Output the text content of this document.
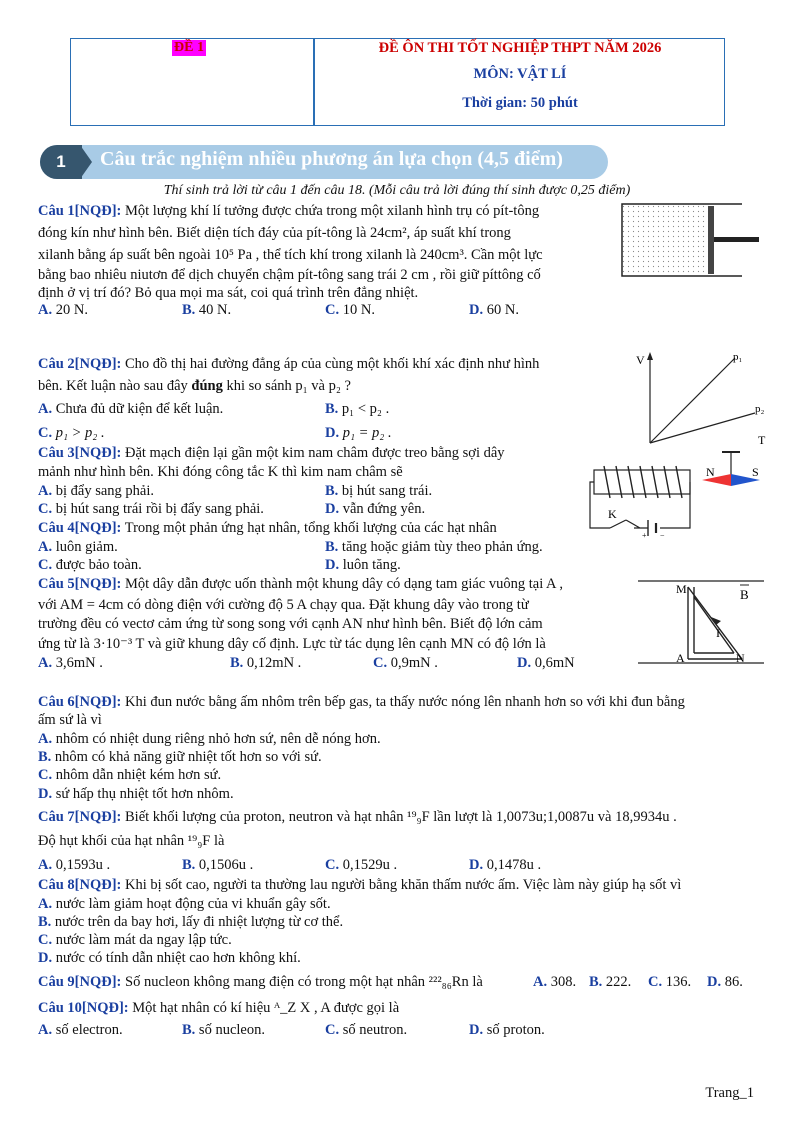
ĐỀ 1	ĐỀ ÔN THI TỐT NGHIỆP THPT NĂM 2026
MÔN: VẬT LÍ
Thời gian: 50 phút
1	Câu trắc nghiệm nhiều phương án lựa chọn (4,5 điểm)
Thí sinh trả lời từ câu 1 đến câu 18. (Mỗi câu trả lời đúng thí sinh được 0,25 điểm)
Câu 1[NQĐ]: Một lượng khí lí tưởng được chứa trong một xilanh hình trụ có pít-tông
đóng kín như hình bên. Biết diện tích đáy của pít-tông là 24cm², áp suất khí trong
xilanh bằng áp suất bên ngoài 10⁵ Pa , thể tích khí trong xilanh là 240cm³. Cần một lực
bằng bao nhiêu niutơn để dịch chuyển chậm pít-tông sang trái 2 cm , rồi giữ píttông cố
định ở vị trí đó? Bỏ qua mọi ma sát, coi quá trình trên đẳng nhiệt.
A. 20 N.	B. 40 N.	C. 10 N.	D. 60 N.
Câu 2[NQĐ]: Cho đồ thị hai đường đẳng áp của cùng một khối khí xác định như hình
bên. Kết luận nào sau đây đúng khi so sánh p₁ và p₂ ?
A. Chưa đủ dữ kiện để kết luận.	B. p₁ < p₂ .
C. p₁ > p₂ .	D. p₁ = p₂ .
V	p₁
p₂
T
Câu 3[NQĐ]: Đặt mạch điện lại gần một kim nam châm được treo bằng sợi dây
mảnh như hình bên. Khi đóng công tắc K thì kim nam châm sẽ
A. bị đẩy sang phải.	B. bị hút sang trái.
C. bị hút sang trái rồi bị đẩy sang phải.	D. vẫn đứng yên.	K
+ −
N	S
Câu 4[NQĐ]: Trong một phản ứng hạt nhân, tổng khối lượng của các hạt nhân
A. luôn giảm.	B. tăng hoặc giảm tùy theo phản ứng.
C. được bảo toàn.	D. luôn tăng.
Câu 5[NQĐ]: Một dây dẫn được uốn thành một khung dây có dạng tam giác vuông tại A ,
với AM = 4cm có dòng điện với cường độ 5 A chạy qua. Đặt khung dây vào trong từ
trường đều có vectơ cảm ứng từ song song với cạnh AN như hình bên. Biết độ lớn cảm
ứng từ là 3·10⁻³ T và giữ khung dây cố định. Lực từ tác dụng lên cạnh MN có độ lớn là
A. 3,6mN .	B. 0,12mN .	C. 0,9mN .	D. 0,6mN
M
A	N
I
B
Câu 6[NQĐ]: Khi đun nước bằng ấm nhôm trên bếp gas, ta thấy nước nóng lên nhanh hơn so với khi đun bằng
ấm sứ là vì
A. nhôm có nhiệt dung riêng nhỏ hơn sứ, nên dễ nóng hơn.
B. nhôm có khả năng giữ nhiệt tốt hơn so với sứ.
C. nhôm dẫn nhiệt kém hơn sứ.
D. sứ hấp thụ nhiệt tốt hơn nhôm.
Câu 7[NQĐ]: Biết khối lượng của proton, neutron và hạt nhân ¹⁹₉F lần lượt là 1,0073u;1,0087u và 18,9934u .
Độ hụt khối của hạt nhân ¹⁹₉F là
A. 0,1593u .	B. 0,1506u .	C. 0,1529u .	D. 0,1478u .
Câu 8[NQĐ]: Khi bị sốt cao, người ta thường lau người bằng khăn thấm nước ấm. Việc làm này giúp hạ sốt vì
A. nước làm giảm hoạt động của vi khuẩn gây sốt.
B. nước trên da bay hơi, lấy đi nhiệt lượng từ cơ thể.
C. nước làm mát da ngay lập tức.
D. nước có tính dẫn nhiệt cao hơn không khí.
Câu 9[NQĐ]: Số nucleon không mang điện có trong một hạt nhân ²²²₈₆Rn là	A. 308. B. 222. C. 136. D. 86.
Câu 10[NQĐ]: Một hạt nhân có kí hiệu ᴬ_Z X , A được gọi là
A. số electron.	B. số nucleon.	C. số neutron.	D. số proton.
Trang_1
